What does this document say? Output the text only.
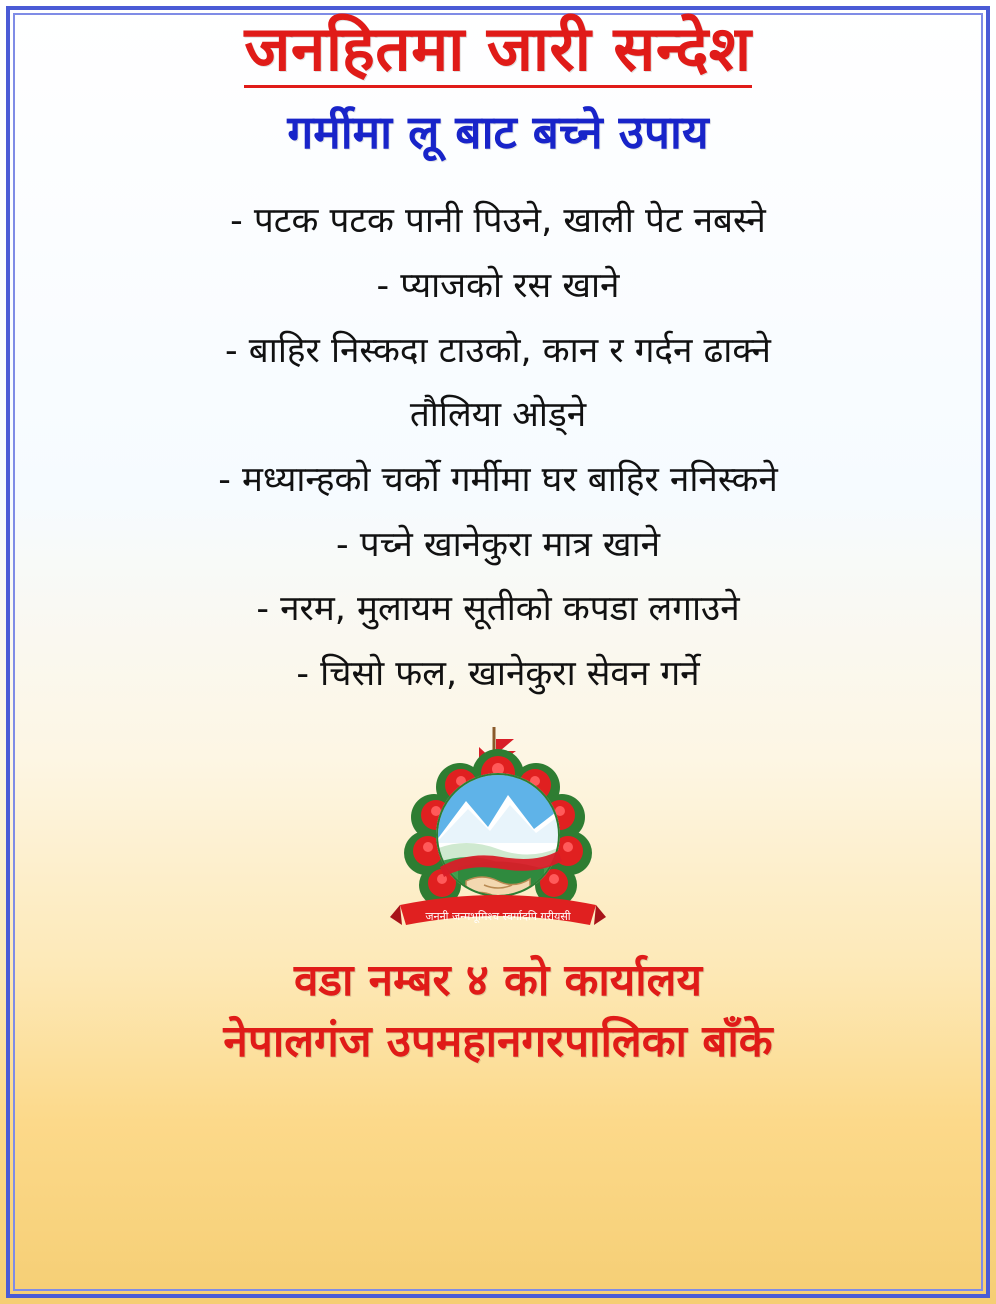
जनहितमा जारी सन्देश
गर्मीमा लू बाट बच्ने उपाय
- पटक पटक पानी पिउने, खाली पेट नबस्ने
- प्याजको रस खाने
- बाहिर निस्कदा टाउको, कान र गर्दन ढाक्ने
तौलिया ओड्ने
- मध्यान्हको चर्को गर्मीमा घर बाहिर ननिस्कने
- पच्ने खानेकुरा मात्र खाने
- नरम, मुलायम सूतीको कपडा लगाउने
- चिसो फल, खानेकुरा सेवन गर्ने
जननी जन्मभूमिश्च स्वर्गादपि गरीयसी
वडा नम्बर ४ को कार्यालय
नेपालगंज उपमहानगरपालिका बाँके
